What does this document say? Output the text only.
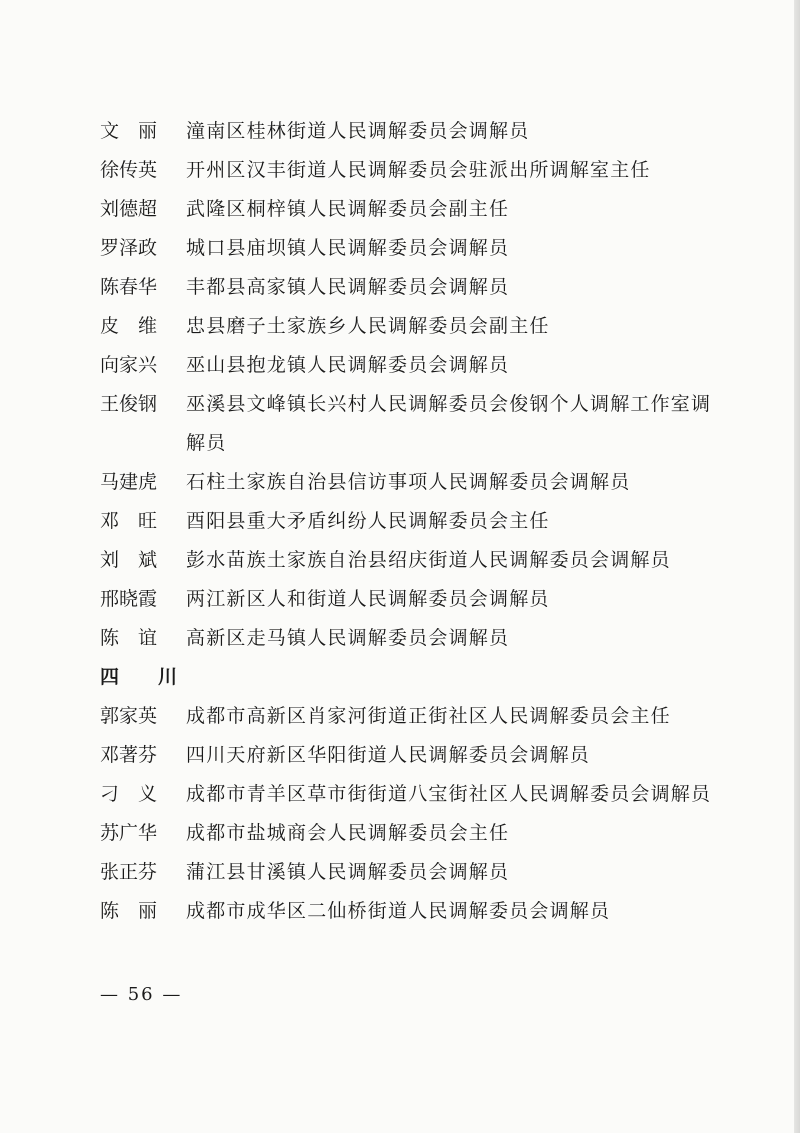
文　丽	潼南区桂林街道人民调解委员会调解员
徐传英	开州区汉丰街道人民调解委员会驻派出所调解室主任
刘德超	武隆区桐梓镇人民调解委员会副主任
罗泽政	城口县庙坝镇人民调解委员会调解员
陈春华	丰都县高家镇人民调解委员会调解员
皮　维	忠县磨子土家族乡人民调解委员会副主任
向家兴	巫山县抱龙镇人民调解委员会调解员
王俊钢	巫溪县文峰镇长兴村人民调解委员会俊钢个人调解工作室调解员
马建虎	石柱土家族自治县信访事项人民调解委员会调解员
邓　旺	酉阳县重大矛盾纠纷人民调解委员会主任
刘　斌	彭水苗族土家族自治县绍庆街道人民调解委员会调解员
邢晓霞	两江新区人和街道人民调解委员会调解员
陈　谊	高新区走马镇人民调解委员会调解员
四　川
郭家英	成都市高新区肖家河街道正街社区人民调解委员会主任
邓著芬	四川天府新区华阳街道人民调解委员会调解员
刁　义	成都市青羊区草市街街道八宝街社区人民调解委员会调解员
苏广华	成都市盐城商会人民调解委员会主任
张正芬	蒲江县甘溪镇人民调解委员会调解员
陈　丽	成都市成华区二仙桥街道人民调解委员会调解员
— 56 —
